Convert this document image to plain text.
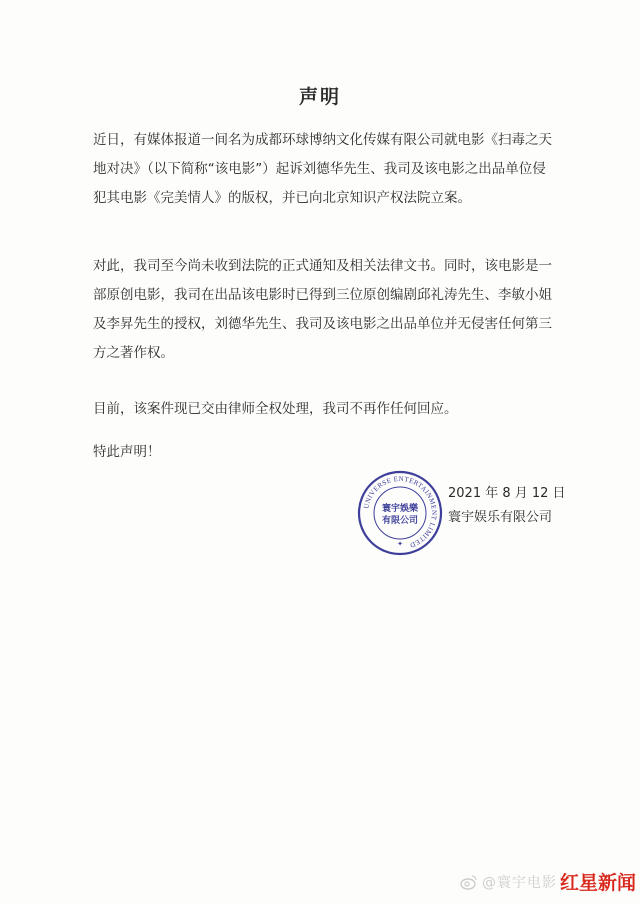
声明

近日，有媒体报道一间名为成都环球博纳文化传媒有限公司就电影《扫毒之天地对决》（以下简称“该电影”）起诉刘德华先生、我司及该电影之出品单位侵犯其电影《完美情人》的版权，并已向北京知识产权法院立案。

对此，我司至今尚未收到法院的正式通知及相关法律文书。同时，该电影是一部原创电影，我司在出品该电影时已得到三位原创编剧邱礼涛先生、李敏小姐及李昇先生的授权，刘德华先生、我司及该电影之出品单位并无侵害任何第三方之著作权。

目前，该案件现已交由律师全权处理，我司不再作任何回应。

特此声明！

UNIVERSE ENTERTAINMENT LIMITED
寰宇娛樂
有限公司
✦
2021 年 8 月 12 日
寰宇娱乐有限公司
@寰宇电影 红星新闻
